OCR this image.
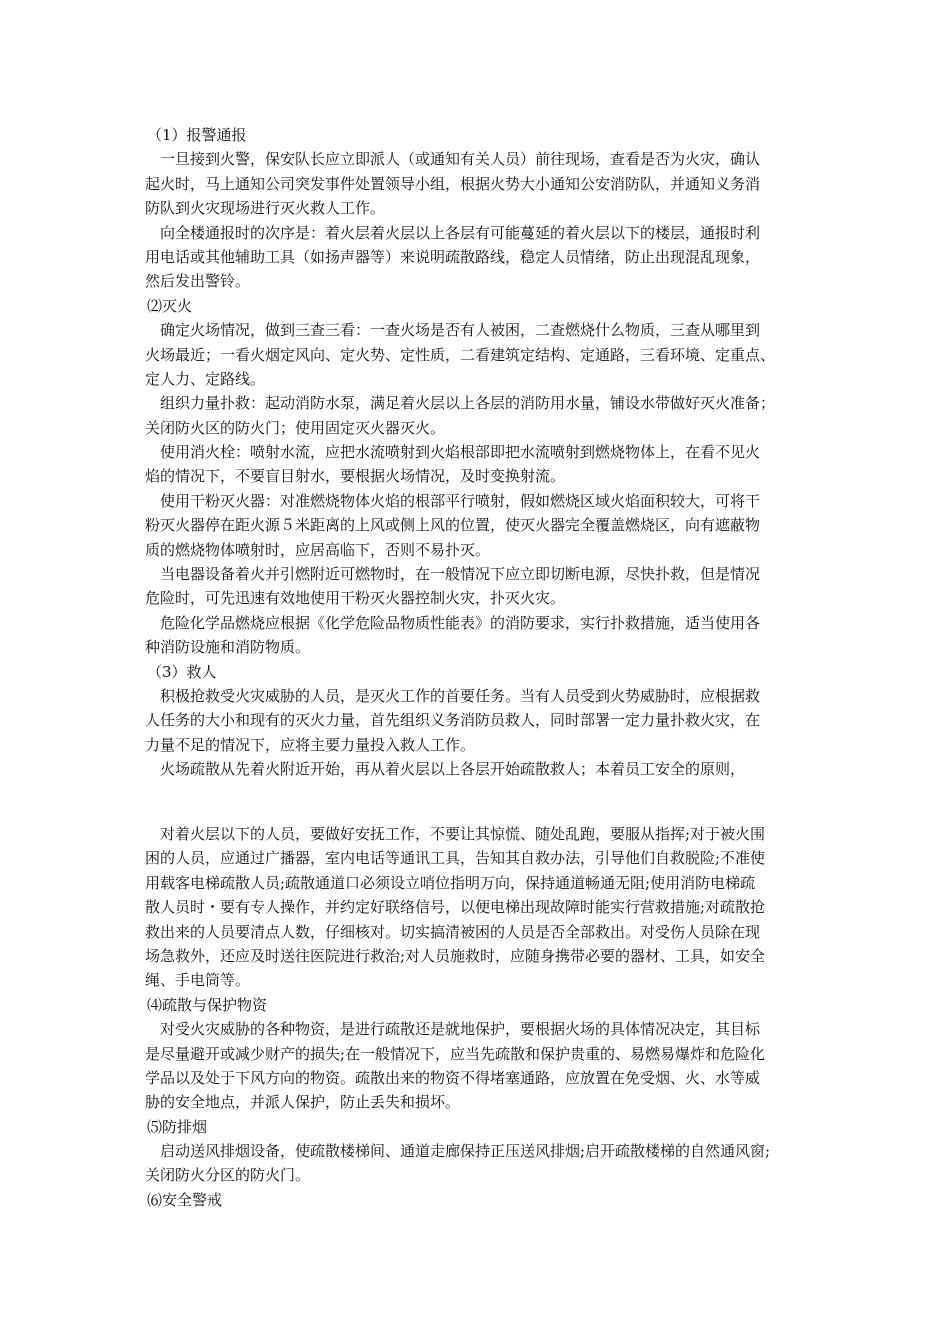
（1）报警通报
一旦接到火警，保安队长应立即派人（或通知有关人员）前往现场，查看是否为火灾，确认
起火时，马上通知公司突发事件处置领导小组，根据火势大小通知公安消防队，并通知义务消
防队到火灾现场进行灭火救人工作。
向全楼通报时的次序是：着火层着火层以上各层有可能蔓延的着火层以下的楼层，通报时利
用电话或其他辅助工具（如扬声器等）来说明疏散路线，稳定人员情绪，防止出现混乱现象，
然后发出警铃。
⑵灭火
确定火场情况，做到三查三看：一查火场是否有人被困，二查燃烧什么物质，三查从哪里到
火场最近；一看火烟定风向、定火势、定性质，二看建筑定结构、定通路，三看环境、定重点、
定人力、定路线。
组织力量扑救：起动消防水泵，满足着火层以上各层的消防用水量，铺设水带做好灭火准备；
关闭防火区的防火门；使用固定灭火器灭火。
使用消火栓：喷射水流，应把水流喷射到火焰根部即把水流喷射到燃烧物体上，在看不见火
焰的情况下，不要盲目射水，要根据火场情况，及时变换射流。
使用干粉灭火器：对准燃烧物体火焰的根部平行喷射，假如燃烧区域火焰面积较大，可将干
粉灭火器停在距火源５米距离的上风或侧上风的位置，使灭火器完全覆盖燃烧区，向有遮蔽物
质的燃烧物体喷射时，应居高临下，否则不易扑灭。
当电器设备着火并引燃附近可燃物时，在一般情况下应立即切断电源，尽快扑救，但是情况
危险时，可先迅速有效地使用干粉灭火器控制火灾，扑灭火灾。
危险化学品燃烧应根据《化学危险品物质性能表》的消防要求，实行扑救措施，适当使用各
种消防设施和消防物质。
（3）救人
积极抢救受火灾威胁的人员，是灭火工作的首要任务。当有人员受到火势威胁时，应根据救
人任务的大小和现有的灭火力量，首先组织义务消防员救人，同时部署一定力量扑救火灾，在
力量不足的情况下，应将主要力量投入救人工作。
火场疏散从先着火附近开始，再从着火层以上各层开始疏散救人；本着员工安全的原则，
对着火层以下的人员，要做好安抚工作，不要让其惊慌、随处乱跑，要服从指挥;对于被火围
困的人员，应通过广播器，室内电话等通讯工具，告知其自救办法，引导他们自救脱险;不准使
用载客电梯疏散人员;疏散通道口必须设立哨位指明万向，保持通道畅通无阻;使用消防电梯疏
散人员时・要有专人操作，并约定好联络信号，以便电梯出现故障时能实行营救措施;对疏散抢
救出来的人员要清点人数，仔细核对。切实搞清被困的人员是否全部救出。对受伤人员除在现
场急救外，还应及时送往医院进行救治;对人员施救时，应随身携带必要的器材、工具，如安全
绳、手电筒等。
⑷疏散与保护物资
对受火灾威胁的各种物资，是进行疏散还是就地保护，要根据火场的具体情况决定，其目标
是尽量避开或减少财产的损失;在一般情况下，应当先疏散和保护贵重的、易燃易爆炸和危险化
学品以及处于下风方向的物资。疏散出来的物资不得堵塞通路，应放置在免受烟、火、水等威
胁的安全地点，并派人保护，防止丢失和损坏。
⑸防排烟
启动送风排烟设备，使疏散楼梯间、通道走廊保持正压送风排烟;启开疏散楼梯的自然通风窗;
关闭防火分区的防火门。
⑹安全警戒
